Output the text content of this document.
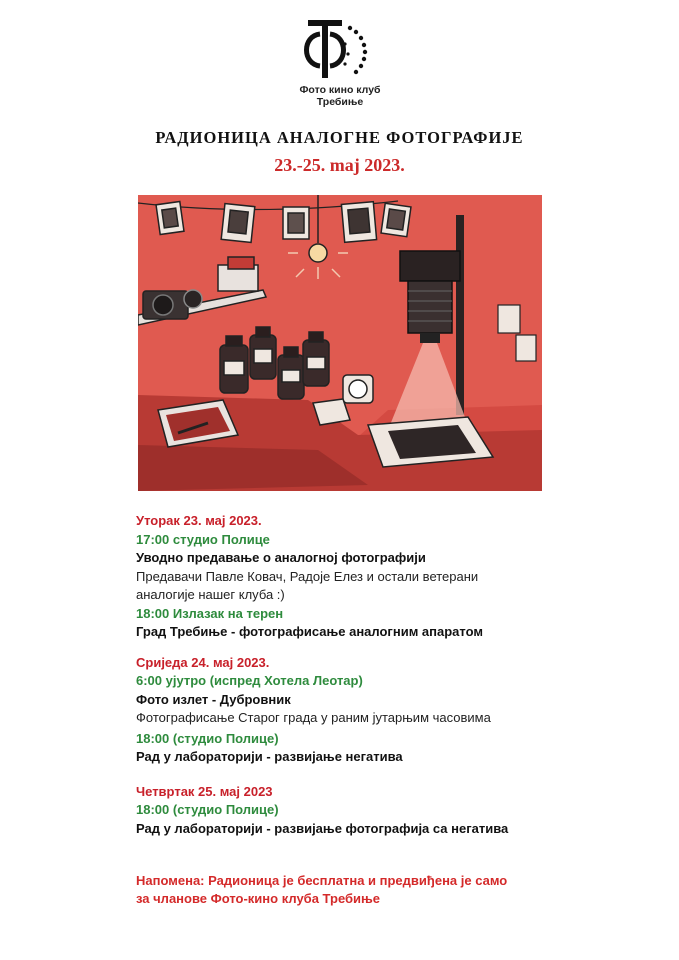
Фото кино клуб
Требиње
РАДИОНИЦА АНАЛОГНЕ ФОТОГРАФИЈЕ
23.-25. maj 2023.
Уторак 23. мај 2023.
17:00 студио Полице
Уводно предавање о аналогној фотографији
Предавачи Павле Ковач, Радоје Елез и остали ветерани аналогије нашег клуба :)
18:00 Излазак на терен
Град Требиње - фотографисање аналогним апаратом
Сриједа 24. мај 2023.
6:00 ујутро (испред Хотела Леотар)
Фото излет - Дубровник
Фотографисање Старог града у раним јутарњим часовима
18:00 (студио Полице)
Рад у лабораторији - развијање негатива
Четвртак 25. мај 2023
18:00 (студио Полице)
Рад у лабораторији - развијање фотографија са негатива
Напомена: Радионица је бесплатна и предвиђена је само
за чланове Фото-кино клуба Требиње
